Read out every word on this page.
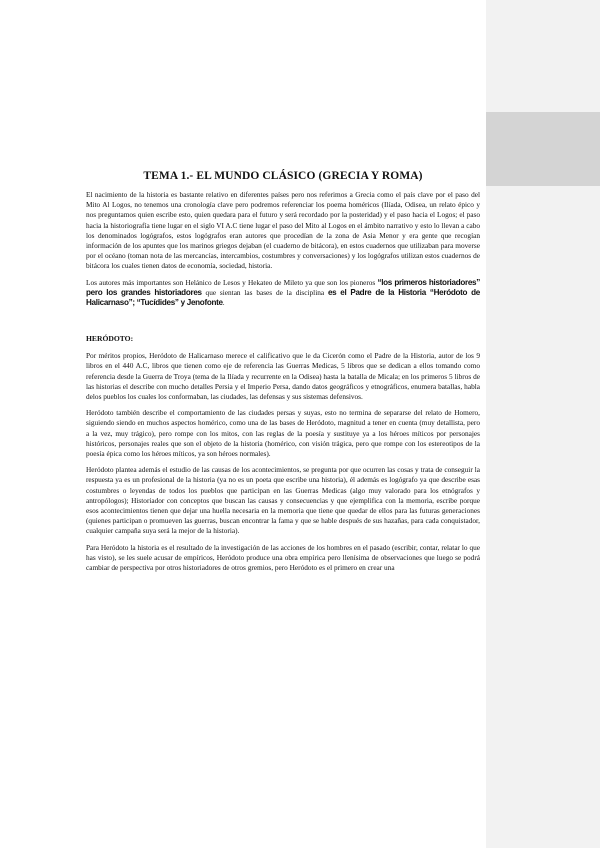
TEMA 1.- EL MUNDO CLÁSICO (GRECIA Y ROMA)

El nacimiento de la historia es bastante relativo en diferentes países pero nos referimos a Grecia como el país clave por el paso del Mito Al Logos, no tenemos una cronología clave pero podremos referenciar los poema homéricos (Ilíada, Odisea, un relato épico y nos preguntamos quien escribe esto, quien quedara para el futuro y será recordado por la posteridad) y el paso hacia el Logos; el paso hacia la historiografía tiene lugar en el siglo VI A.C tiene lugar el paso del Mito al Logos en el ámbito narrativo y esto lo llevan a cabo los denominados logógrafos, estos logógrafos eran autores que procedían de la zona de Asia Menor y era gente que recogían información de los apuntes que los marinos griegos dejaban (el cuaderno de bitácora), en estos cuadernos que utilizaban para moverse por el océano (toman nota de las mercancías, intercambios, costumbres y conversaciones) y los logógrafos utilizan estos cuadernos de bitácora los cuales tienen datos de economía, sociedad, historia.

Los autores más importantes son Helánico de Lesos y Hekateo de Mileto ya que son los pioneros “los primeros historiadores” pero los grandes historiadores que sientan las bases de la disciplina es el Padre de la Historia “Heródoto de Halicarnaso”; “Tucídides” y Jenofonte.

HERÓDOTO:

Por méritos propios, Heródoto de Halicarnaso merece el calificativo que le da Cicerón como el Padre de la Historia, autor de los 9 libros en el 440 A.C, libros que tienen como eje de referencia las Guerras Medicas, 5 libros que se dedican a ellos tomando como referencia desde la Guerra de Troya (tema de la Ilíada y recurrente en la Odisea) hasta la batalla de Micala; en los primeros 5 libros de las historias el describe con mucho detalles Persia y el Imperio Persa, dando datos geográficos y etnográficos, enumera batallas, habla delos pueblos los cuales los conformaban, las ciudades, las defensas y sus sistemas defensivos.

Heródoto también describe el comportamiento de las ciudades persas y suyas, esto no termina de separarse del relato de Homero, siguiendo siendo en muchos aspectos homérico, como una de las bases de Heródoto, magnitud a tener en cuenta (muy detallista, pero a la vez, muy trágico), pero rompe con los mitos, con las reglas de la poesía y sustituye ya a los héroes míticos por personajes históricos, personajes reales que son el objeto de la historia (homérico, con visión trágica, pero que rompe con los estereotipos de la poesía épica como los héroes míticos, ya son héroes normales).

Heródoto plantea además el estudio de las causas de los acontecimientos, se pregunta por que ocurren las cosas y trata de conseguir la respuesta ya es un profesional de la historia (ya no es un poeta que escribe una historia), él además es logógrafo ya que describe esas costumbres o leyendas de todos los pueblos que participan en las Guerras Medicas (algo muy valorado para los etnógrafos y antropólogos); Historiador con conceptos que buscan las causas y consecuencias y que ejemplifica con la memoria, escribe porque esos acontecimientos tienen que dejar una huella necesaria en la memoria que tiene que quedar de ellos para las futuras generaciones (quienes participan o promueven las guerras, buscan encontrar la fama y que se hable después de sus hazañas, para cada conquistador, cualquier campaña suya será la mejor de la historia).

Para Heródoto la historia es el resultado de la investigación de las acciones de los hombres en el pasado (escribir, contar, relatar lo que has visto), se les suele acusar de empíricos, Heródoto produce una obra empírica pero llenísima de observaciones que luego se podrá cambiar de perspectiva por otros historiadores de otros gremios, pero Heródoto es el primero en crear una
